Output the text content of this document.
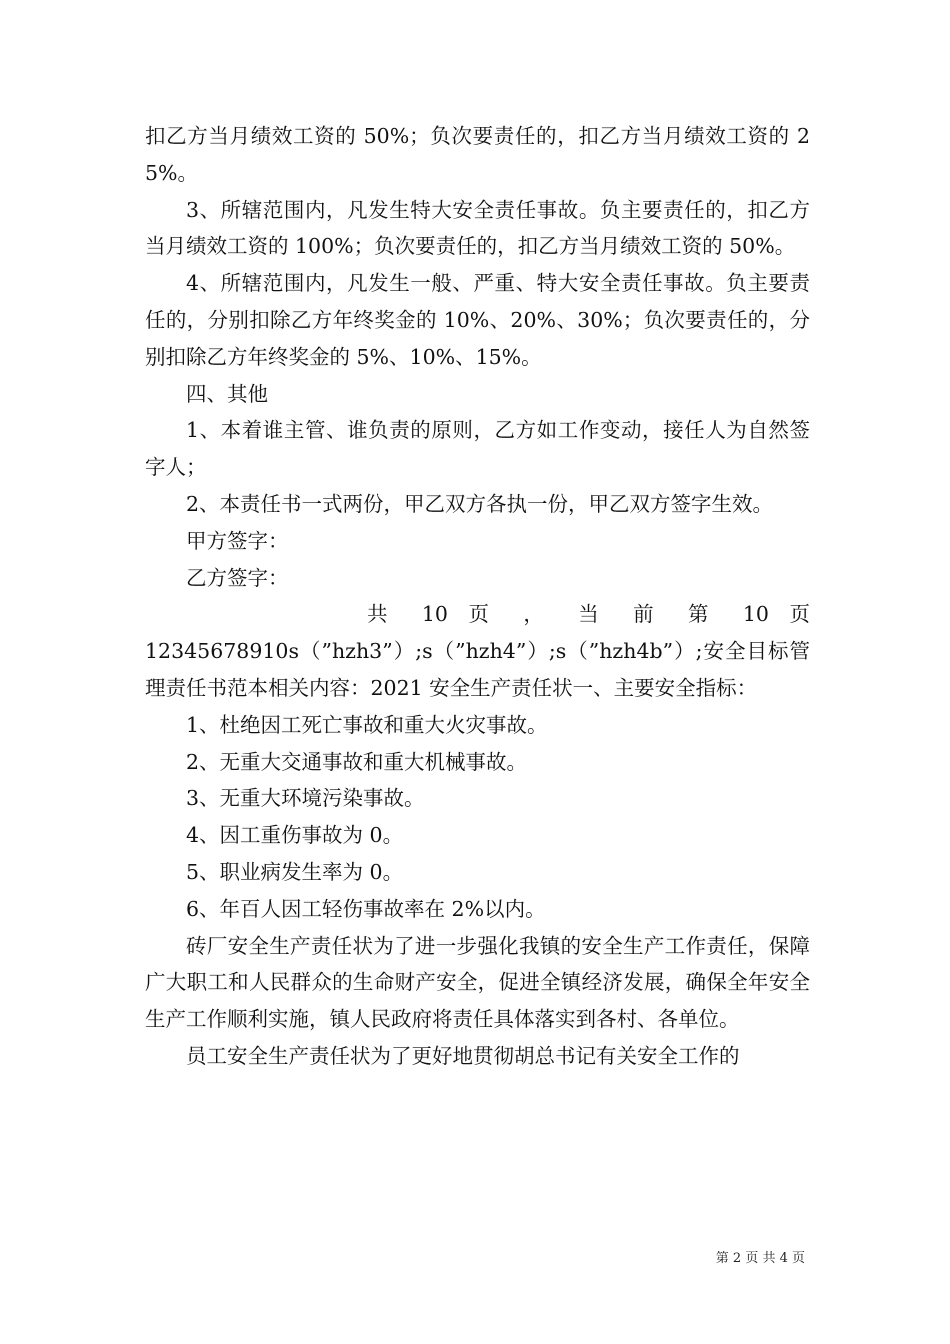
扣乙方当月绩效工资的 50%；负次要责任的，扣乙方当月绩效工资的 25%。

3、所辖范围内，凡发生特大安全责任事故。负主要责任的，扣乙方当月绩效工资的 100%；负次要责任的，扣乙方当月绩效工资的 50%。

4、所辖范围内，凡发生一般、严重、特大安全责任事故。负主要责任的，分别扣除乙方年终奖金的 10%、20%、30%；负次要责任的，分别扣除乙方年终奖金的 5%、10%、15%。

四、其他

1、本着谁主管、谁负责的原则，乙方如工作变动，接任人为自然签字人；

2、本责任书一式两份，甲乙双方各执一份，甲乙双方签字生效。

甲方签字：

乙方签字：

共 10 页 ， 当 前 第 10 页
12345678910s（”hzh3”）;s（”hzh4”）;s（”hzh4b”）;安全目标管理责任书范本相关内容：2021 安全生产责任状一、主要安全指标：

1、杜绝因工死亡事故和重大火灾事故。

2、无重大交通事故和重大机械事故。

3、无重大环境污染事故。

4、因工重伤事故为 0。

5、职业病发生率为 0。

6、年百人因工轻伤事故率在 2%以内。

砖厂安全生产责任状为了进一步强化我镇的安全生产工作责任，保障广大职工和人民群众的生命财产安全，促进全镇经济发展，确保全年安全生产工作顺利实施，镇人民政府将责任具体落实到各村、各单位。

员工安全生产责任状为了更好地贯彻胡总书记有关安全工作的

第 2 页 共 4 页
